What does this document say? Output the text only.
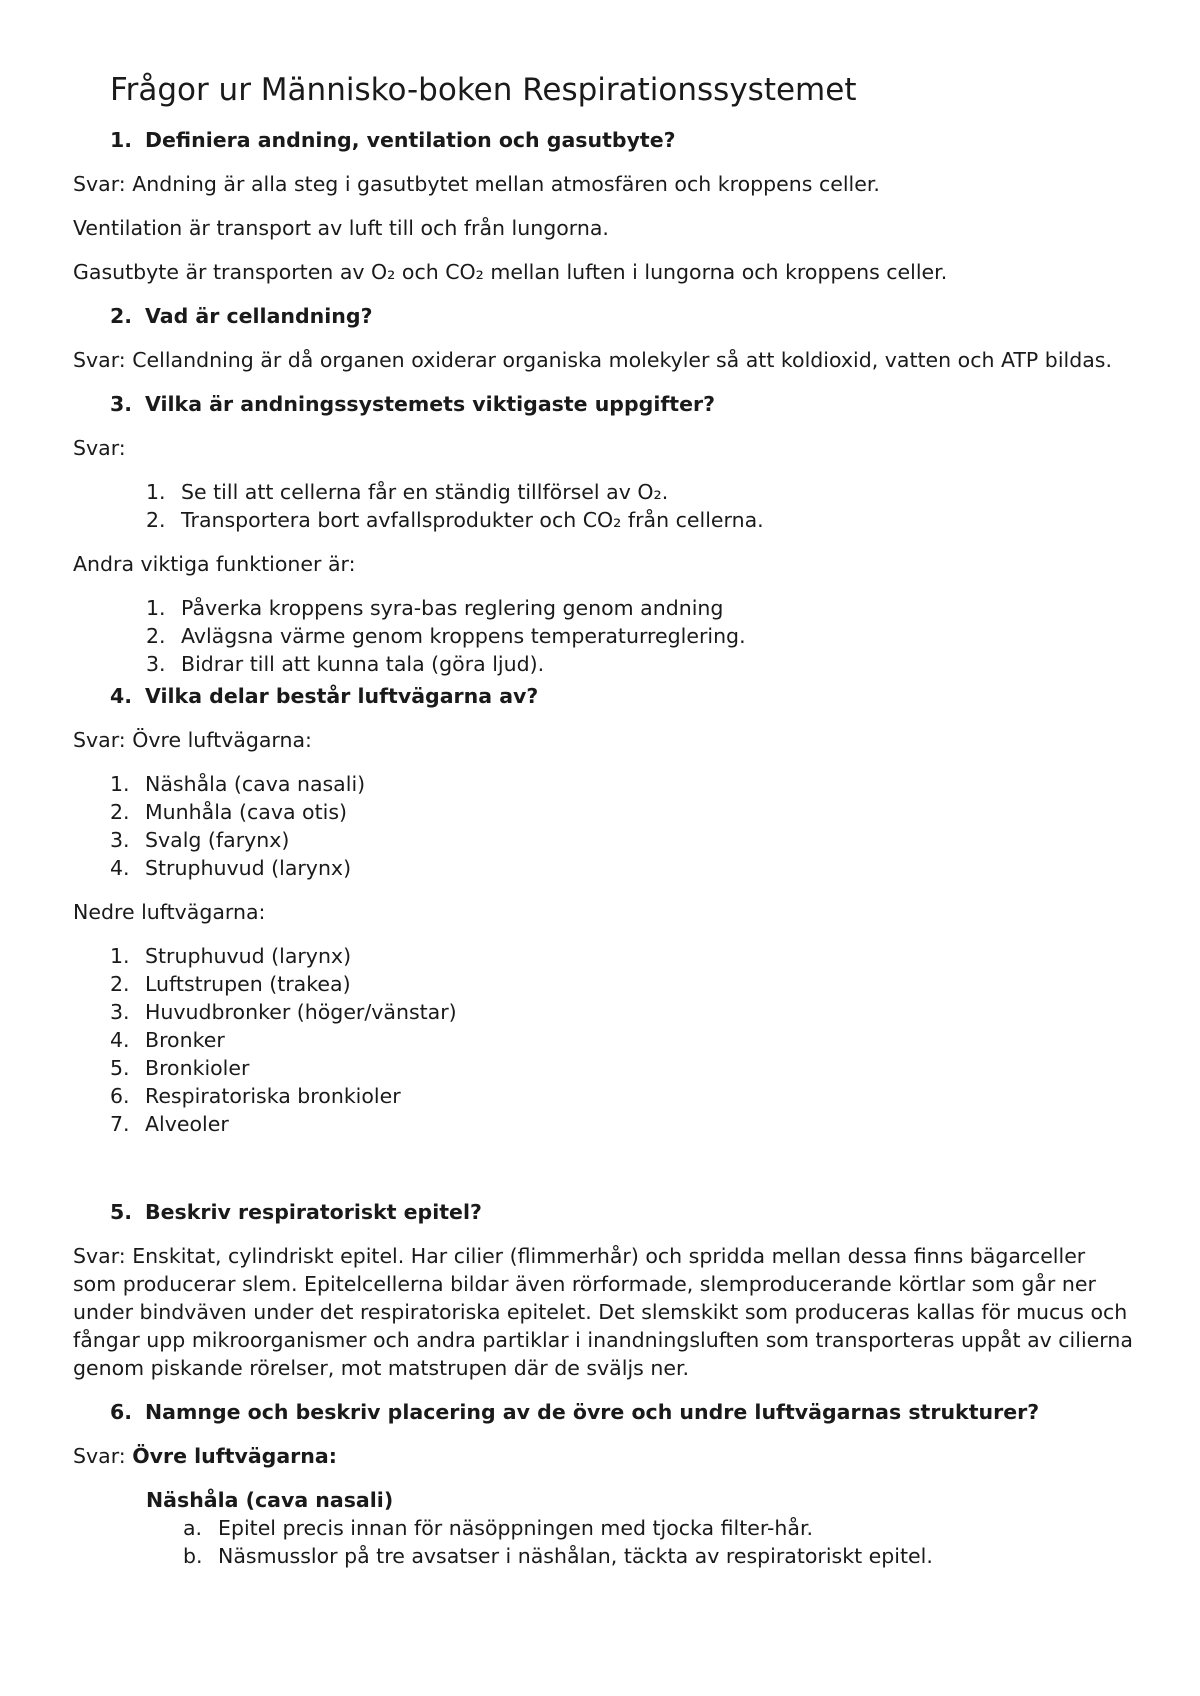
Frågor ur Människo-boken Respirationssystemet
1. Definiera andning, ventilation och gasutbyte?

Svar: Andning är alla steg i gasutbytet mellan atmosfären och kroppens celler.

Ventilation är transport av luft till och från lungorna.

Gasutbyte är transporten av O₂ och CO₂ mellan luften i lungorna och kroppens celler.

2. Vad är cellandning?

Svar: Cellandning är då organen oxiderar organiska molekyler så att koldioxid, vatten och ATP bildas.

3. Vilka är andningssystemets viktigaste uppgifter?

Svar:

1. Se till att cellerna får en ständig tillförsel av O₂.
2. Transportera bort avfallsprodukter och CO₂ från cellerna.

Andra viktiga funktioner är:

1. Påverka kroppens syra-bas reglering genom andning
2. Avlägsna värme genom kroppens temperaturreglering.
3. Bidrar till att kunna tala (göra ljud).
4. Vilka delar består luftvägarna av?

Svar: Övre luftvägarna:

1. Näshåla (cava nasali)
2. Munhåla (cava otis)
3. Svalg (farynx)
4. Struphuvud (larynx)

Nedre luftvägarna:

1. Struphuvud (larynx)
2. Luftstrupen (trakea)
3. Huvudbronker (höger/vänstar)
4. Bronker
5. Bronkioler
6. Respiratoriska bronkioler
7. Alveoler
5. Beskriv respiratoriskt epitel?

Svar: Enskitat, cylindriskt epitel. Har cilier (flimmerhår) och spridda mellan dessa finns bägarceller som producerar slem. Epitelcellerna bildar även rörformade, slemproducerande körtlar som går ner under bindväven under det respiratoriska epitelet. Det slemskikt som produceras kallas för mucus och fångar upp mikroorganismer och andra partiklar i inandningsluften som transporteras uppåt av cilierna genom piskande rörelser, mot matstrupen där de sväljs ner.

6. Namnge och beskriv placering av de övre och undre luftvägarnas strukturer?

Svar: Övre luftvägarna:

Näshåla (cava nasali)
a. Epitel precis innan för näsöppningen med tjocka filter-hår.
b. Näsmusslor på tre avsatser i näshålan, täckta av respiratoriskt epitel.
